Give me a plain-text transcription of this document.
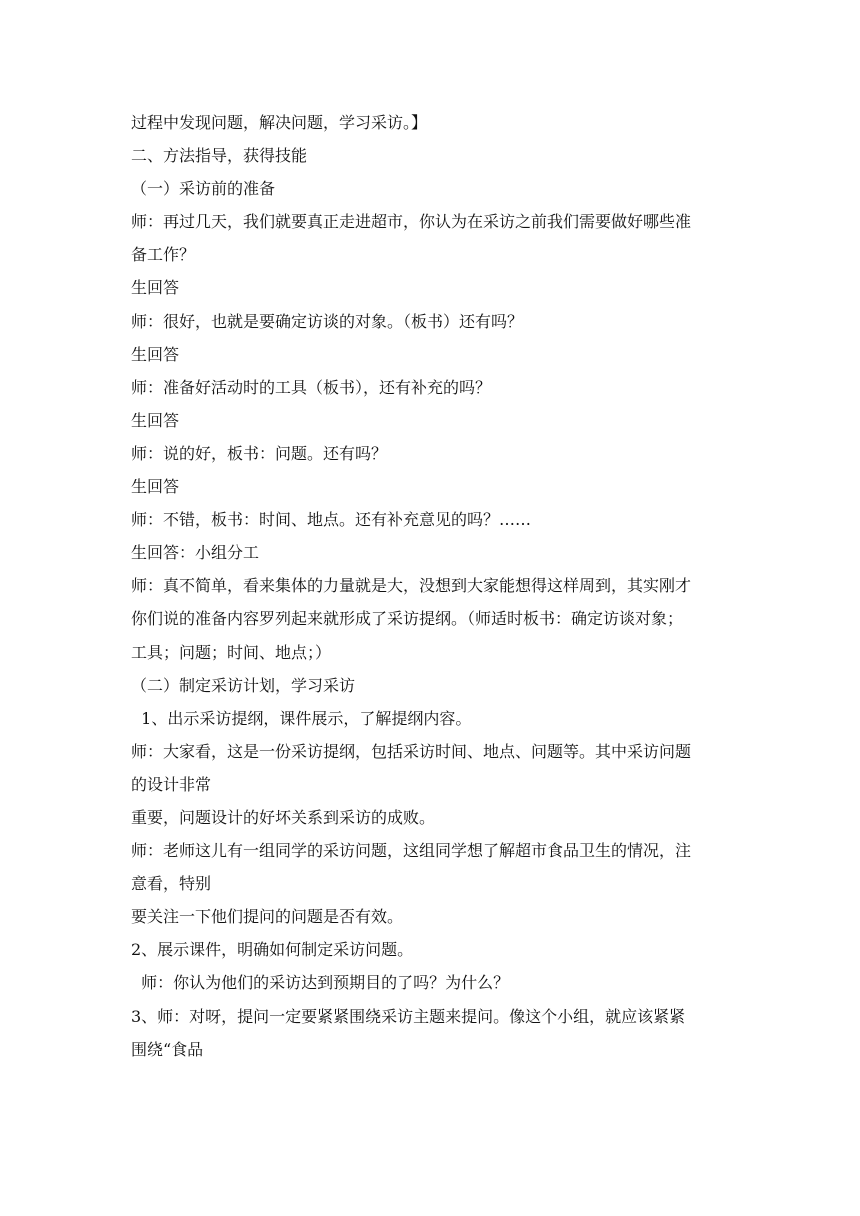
过程中发现问题，解决问题，学习采访。】
二、方法指导，获得技能
（一）采访前的准备
师：再过几天，我们就要真正走进超市，你认为在采访之前我们需要做好哪些准
备工作？
生回答
师：很好，也就是要确定访谈的对象。（板书）还有吗？
生回答
师：准备好活动时的工具（板书），还有补充的吗？
生回答
师：说的好，板书：问题。还有吗？
生回答
师：不错，板书：时间、地点。还有补充意见的吗？……
生回答：小组分工
师：真不简单，看来集体的力量就是大，没想到大家能想得这样周到，其实刚才
你们说的准备内容罗列起来就形成了采访提纲。（师适时板书：确定访谈对象；
工具；问题；时间、地点；）
（二）制定采访计划，学习采访
1、出示采访提纲，课件展示，了解提纲内容。
师：大家看，这是一份采访提纲，包括采访时间、地点、问题等。其中采访问题
的设计非常
重要，问题设计的好坏关系到采访的成败。
师：老师这儿有一组同学的采访问题，这组同学想了解超市食品卫生的情况，注
意看，特别
要关注一下他们提问的问题是否有效。
2、展示课件，明确如何制定采访问题。
师：你认为他们的采访达到预期目的了吗？为什么？
3、师：对呀，提问一定要紧紧围绕采访主题来提问。像这个小组，就应该紧紧
围绕“食品
